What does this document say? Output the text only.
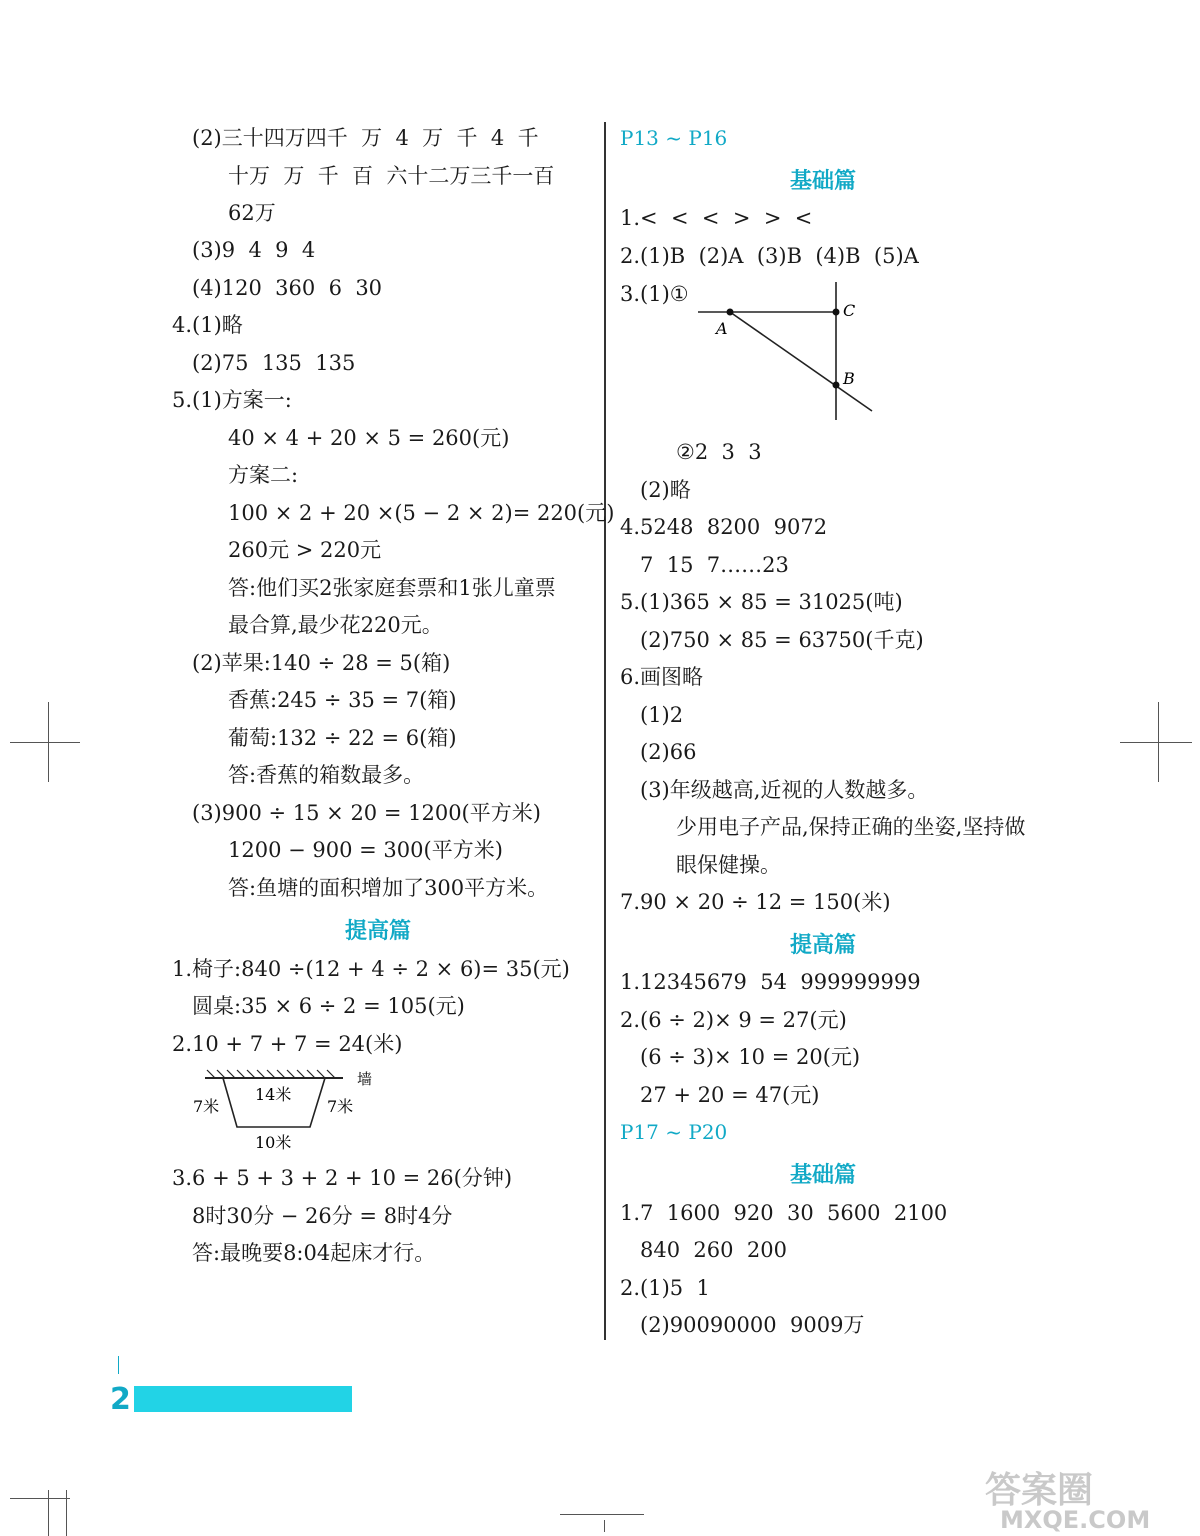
(2)三十四万四千  万  4  万  千  4  千
十万  万  千  百  六十二万三千一百
62万
(3)9  4  9  4
(4)120  360  6  30
4.(1)略
(2)75  135  135
5.(1)方案一:
40 × 4 + 20 × 5 = 260(元)
方案二:
100 × 2 + 20 ×(5 − 2 × 2)= 220(元)
260元 > 220元
答:他们买2张家庭套票和1张儿童票
最合算,最少花220元。
(2)苹果:140 ÷ 28 = 5(箱)
香蕉:245 ÷ 35 = 7(箱)
葡萄:132 ÷ 22 = 6(箱)
答:香蕉的箱数最多。
(3)900 ÷ 15 × 20 = 1200(平方米)
1200 − 900 = 300(平方米)
答:鱼塘的面积增加了300平方米。
提高篇
1.椅子:840 ÷(12 + 4 ÷ 2 × 6)= 35(元)
圆桌:35 × 6 ÷ 2 = 105(元)
2.10 + 7 + 7 = 24(米)
墙
14米
7米	7米
10米
3.6 + 5 + 3 + 2 + 10 = 26(分钟)
8时30分 − 26分 = 8时4分
答:最晚要8:04起床才行。
P13 ~ P16
基础篇
1.<  <  <  >  >  <
2.(1)B  (2)A  (3)B  (4)B  (5)A
3.(1)①
A
C
B
②2  3  3
(2)略
4.5248  8200  9072
7  15  7……23
5.(1)365 × 85 = 31025(吨)
(2)750 × 85 = 63750(千克)
6.画图略
(1)2
(2)66
(3)年级越高,近视的人数越多。
少用电子产品,保持正确的坐姿,坚持做
眼保健操。
7.90 × 20 ÷ 12 = 150(米)
提高篇
1.12345679  54  999999999
2.(6 ÷ 2)× 9 = 27(元)
(6 ÷ 3)× 10 = 20(元)
27 + 20 = 47(元)
P17 ~ P20
基础篇
1.7  1600  920  30  5600  2100
840  260  200
2.(1)5  1
(2)90090000  9009万
2
答案圈
MXQE.COM
